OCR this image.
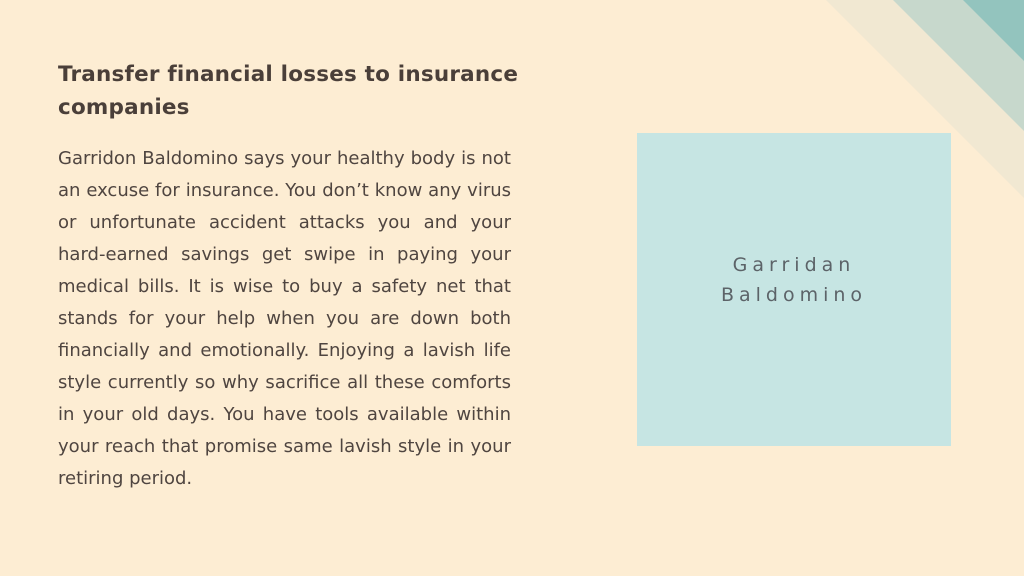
Transfer financial losses to insurance companies

Garridon Baldomino says your healthy body is not an excuse for insurance. You don’t know any virus or unfortunate accident attacks you and your hard-earned savings get swipe in paying your medical bills. It is wise to buy a safety net that stands for your help when you are down both financially and emotionally. Enjoying a lavish life style currently so why sacrifice all these comforts in your old days. You have tools available within your reach that promise same lavish style in your retiring period.

Garridan Baldomino
